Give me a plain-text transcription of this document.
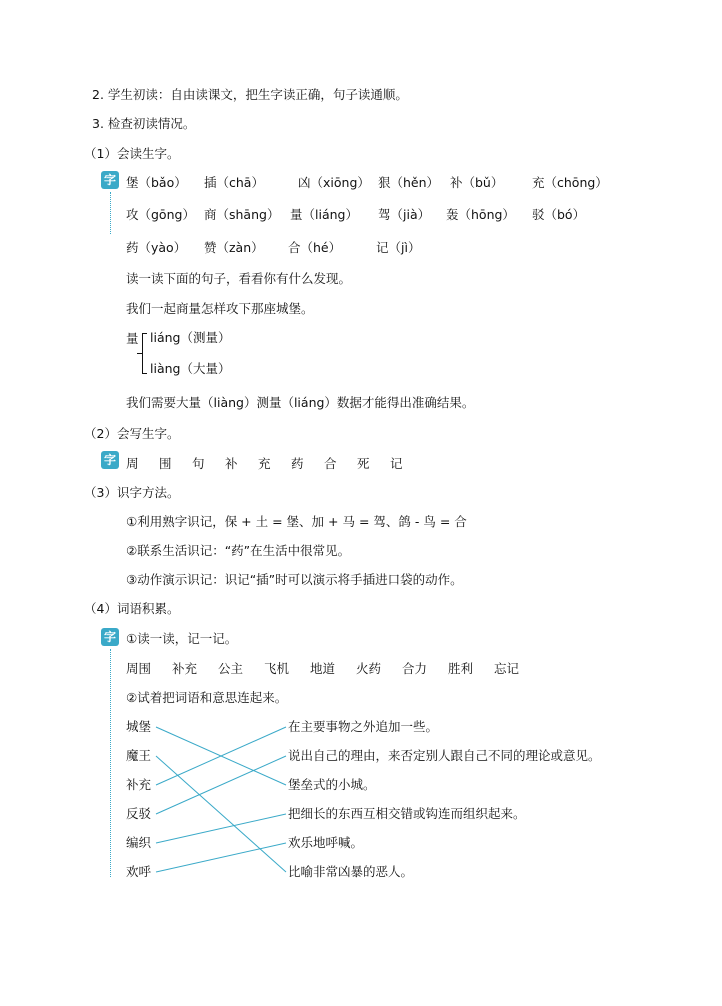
2. 学生初读：自由读课文，把生字读正确，句子读通顺。
3. 检查初读情况。
（1）会读生字。
字 堡（bǎo）	插（chā）	凶（xiōng） 狠（hěn） 补（bǔ）	充（chōng）
攻（gōng） 商（shāng） 量（liáng）	驾（jià）	轰（hōng）	驳（bó）
药（yào）	赞（zàn）	合（hé）	记（jì）
读一读下面的句子，看看你有什么发现。
我们一起商量怎样攻下那座城堡。
量 liáng（测量）
liàng（大量）
我们需要大量（liàng）测量（liáng）数据才能得出准确结果。
（2）会写生字。
字 周	围	句	补	充	药	合	死	记
（3）识字方法。
①利用熟字识记，保 + 土 = 堡、加 + 马 = 驾、鸽 - 鸟 = 合
②联系生活识记：“药”在生活中很常见。
③动作演示识记：识记“插”时可以演示将手插进口袋的动作。
（4）词语积累。
字 ①读一读，记一记。
周围	补充	公主	飞机	地道	火药	合力	胜利	忘记
②试着把词语和意思连起来。
城堡
魔王
补充
反驳
编织
欢呼
在主要事物之外追加一些。
说出自己的理由，来否定别人跟自己不同的理论或意见。
堡垒式的小城。
把细长的东西互相交错或钩连而组织起来。
欢乐地呼喊。
比喻非常凶暴的恶人。
